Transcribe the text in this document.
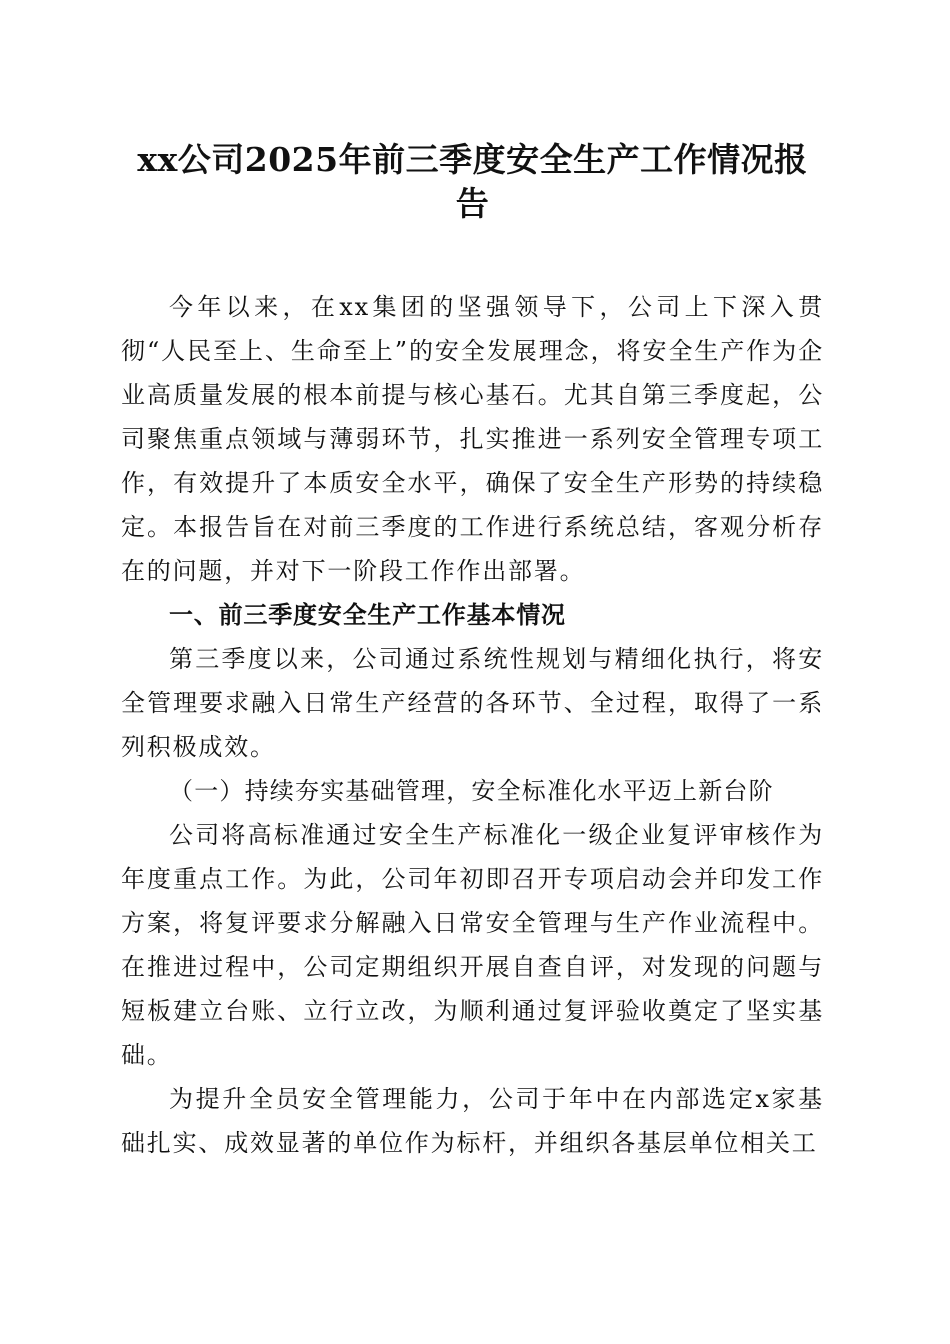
xx公司2025年前三季度安全生产工作情况报告

今年以来，在xx集团的坚强领导下，公司上下深入贯彻“人民至上、生命至上”的安全发展理念，将安全生产作为企业高质量发展的根本前提与核心基石。尤其自第三季度起，公司聚焦重点领域与薄弱环节，扎实推进一系列安全管理专项工作，有效提升了本质安全水平，确保了安全生产形势的持续稳定。本报告旨在对前三季度的工作进行系统总结，客观分析存在的问题，并对下一阶段工作作出部署。

一、前三季度安全生产工作基本情况

第三季度以来，公司通过系统性规划与精细化执行，将安全管理要求融入日常生产经营的各环节、全过程，取得了一系列积极成效。

（一）持续夯实基础管理，安全标准化水平迈上新台阶

公司将高标准通过安全生产标准化一级企业复评审核作为年度重点工作。为此，公司年初即召开专项启动会并印发工作方案，将复评要求分解融入日常安全管理与生产作业流程中。在推进过程中，公司定期组织开展自查自评，对发现的问题与短板建立台账、立行立改，为顺利通过复评验收奠定了坚实基础。

为提升全员安全管理能力，公司于年中在内部选定x家基础扎实、成效显著的单位作为标杆，并组织各基层单位相关工
